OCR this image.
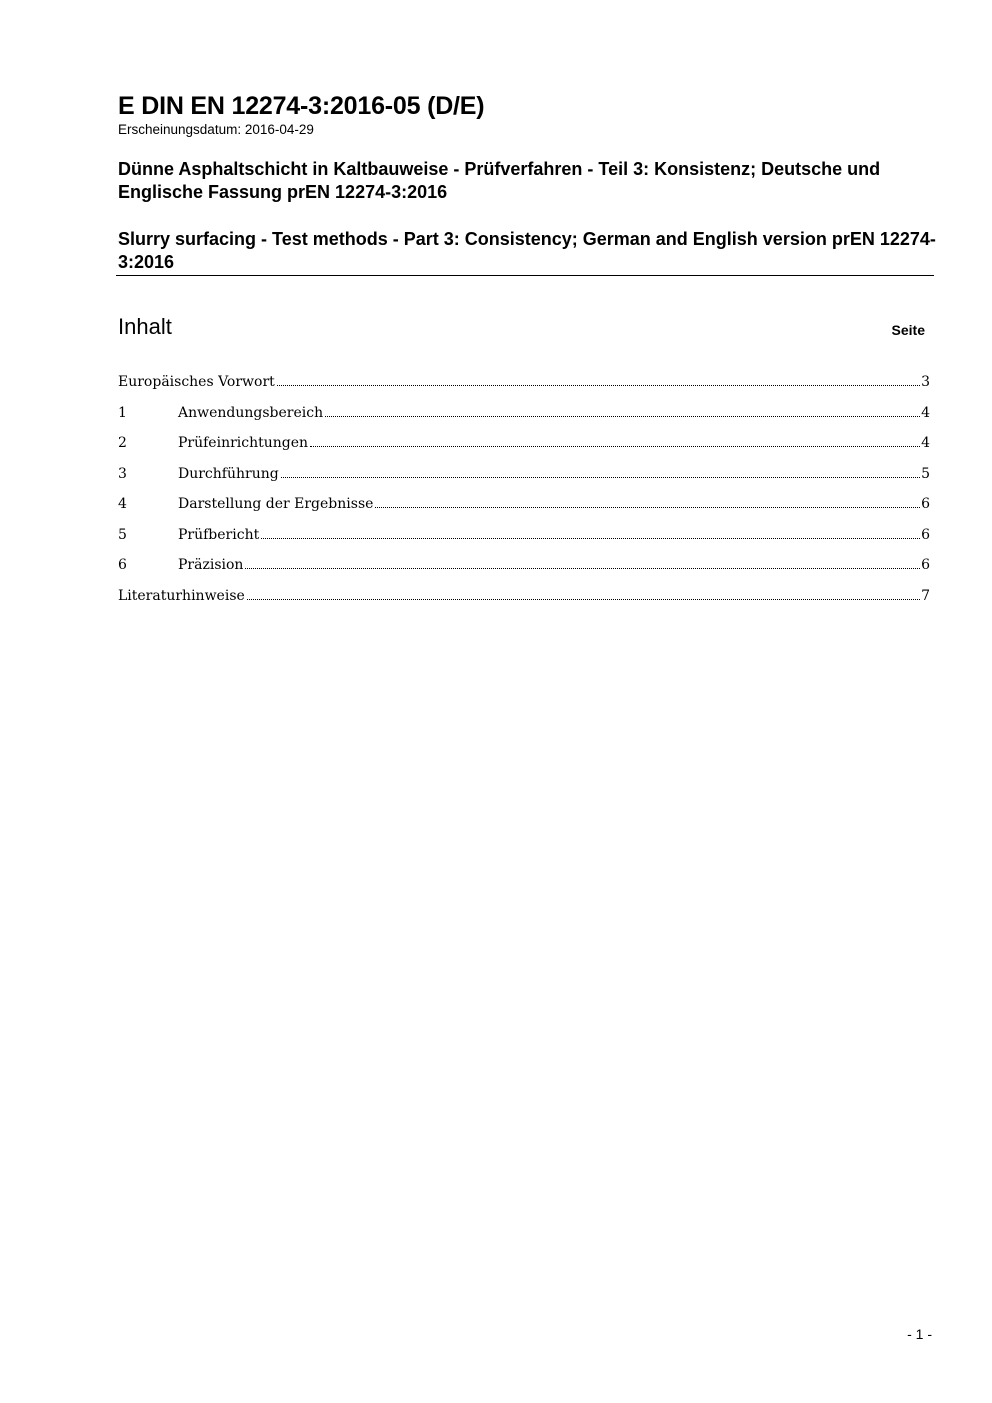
E DIN EN 12274-3:2016-05 (D/E)
Erscheinungsdatum: 2016-04-29
Dünne Asphaltschicht in Kaltbauweise - Prüfverfahren - Teil 3: Konsistenz; Deutsche und Englische Fassung prEN 12274-3:2016
Slurry surfacing - Test methods - Part 3: Consistency; German and English version prEN 12274-3:2016
Inhalt	Seite
Europäisches Vorwort	3
1	Anwendungsbereich	4
2	Prüfeinrichtungen	4
3	Durchführung	5
4	Darstellung der Ergebnisse	6
5	Prüfbericht	6
6	Präzision	6
Literaturhinweise	7
- 1 -
